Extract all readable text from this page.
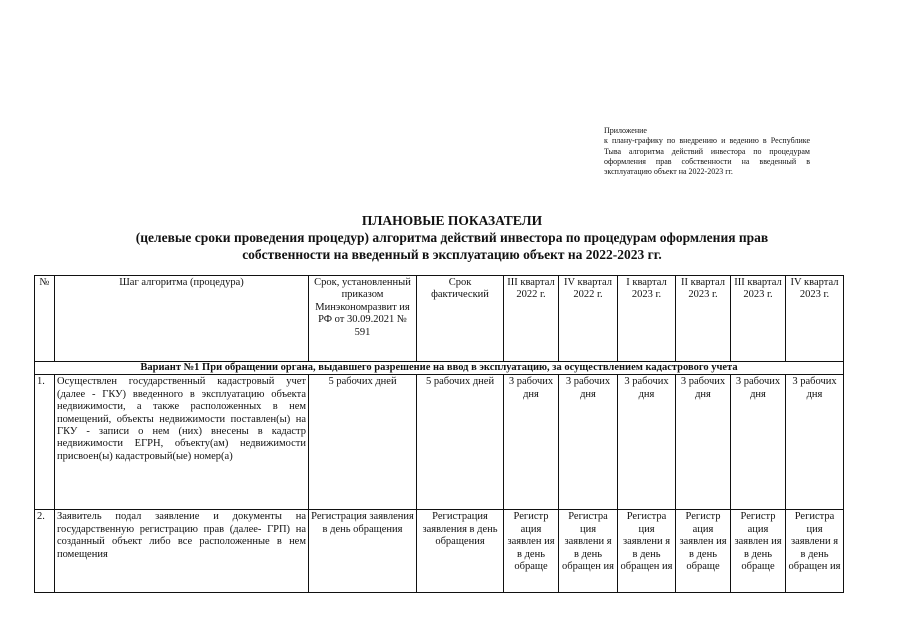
Приложение
к плану-графику по внедрению и ведению в Республике Тыва алгоритма действий инвестора по процедурам оформления прав собственности на введенный в эксплуатацию объект на 2022-2023 гг.
ПЛАНОВЫЕ ПОКАЗАТЕЛИ
(целевые сроки проведения процедур) алгоритма действий инвестора по процедурам оформления прав
собственности на введенный в эксплуатацию объект на 2022-2023 гг.
№	Шаг алгоритма (процедура)	Срок, установленный приказом Минэкономразвит ия РФ от 30.09.2021 № 591	Срок фактический	III квартал 2022 г.	IV квартал 2022 г.	I квартал 2023 г.	II квартал 2023 г.	III квартал 2023 г.	IV квартал 2023 г.
Вариант №1 При обращении органа, выдавшего разрешение на ввод в эксплуатацию, за осуществлением кадастрового учета									
1.	Осуществлен государственный кадастровый учет (далее - ГКУ) введенного в эксплуатацию объекта недвижимости, а также расположенных в нем помещений, объекты недвижимости поставлен(ы) на ГКУ - записи о нем (них) внесены в кадастр недвижимости ЕГРН, объекту(ам) недвижимости присвоен(ы) кадастровый(ые) номер(а)	5 рабочих дней	5 рабочих дней	3 рабочих дня	3 рабочих дня	3 рабочих дня	3 рабочих дня	3 рабочих дня	3 рабочих дня
2.	Заявитель подал заявление и документы на государственную регистрацию прав (далее- ГРП) на созданный объект либо все расположенные в нем помещения	Регистрация заявления в день обращения	Регистрация заявления в день обращения	Регистр ация заявлен ия в день обраще	Регистра ция заявлени я в день обращен ия	Регистра ция заявлени я в день обращен ия	Регистр ация заявлен ия в день обраще	Регистр ация заявлен ия в день обраще	Регистра ция заявлени я в день обращен ия
